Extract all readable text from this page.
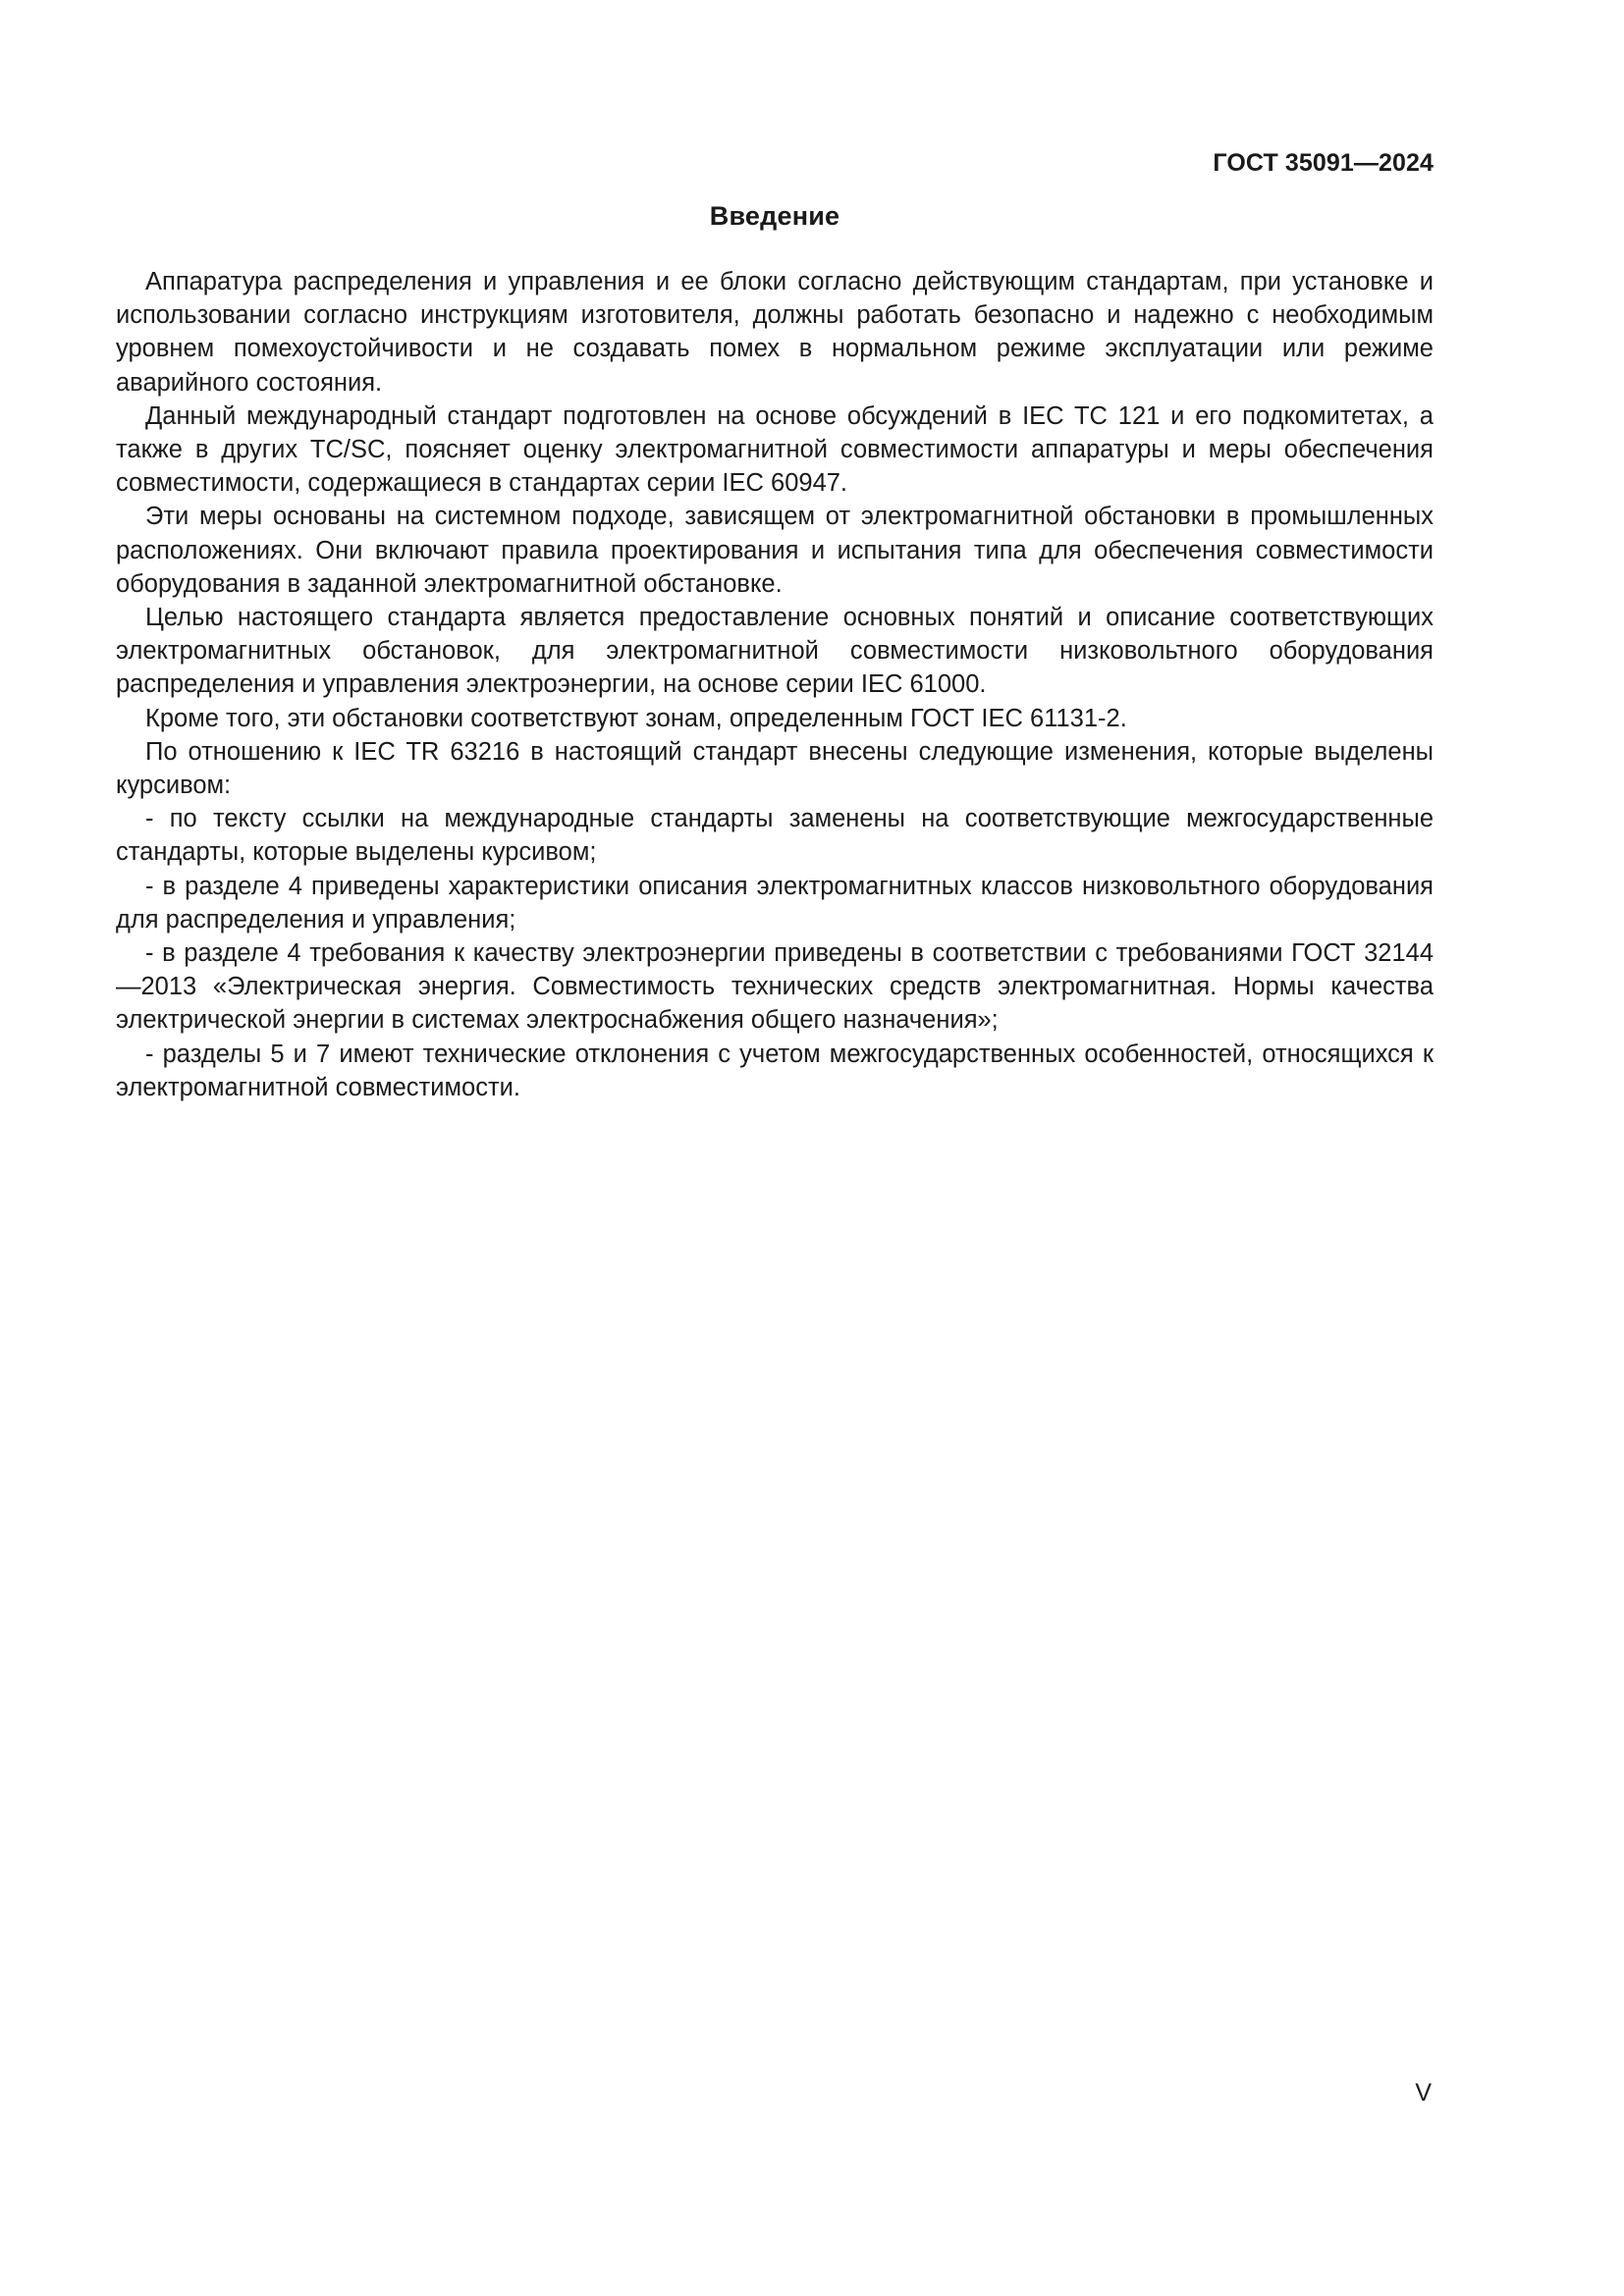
ГОСТ 35091—2024
Введение

Аппаратура распределения и управления и ее блоки согласно действующим стандартам, при установке и использовании согласно инструкциям изготовителя, должны работать безопасно и надежно с необходимым уровнем помехоустойчивости и не создавать помех в нормальном режиме эксплуатации или режиме аварийного состояния.

Данный международный стандарт подготовлен на основе обсуждений в IEC TC 121 и его подкомитетах, а также в других TC/SC, поясняет оценку электромагнитной совместимости аппаратуры и меры обеспечения совместимости, содержащиеся в стандартах серии IEC 60947.

Эти меры основаны на системном подходе, зависящем от электромагнитной обстановки в промышленных расположениях. Они включают правила проектирования и испытания типа для обеспечения совместимости оборудования в заданной электромагнитной обстановке.

Целью настоящего стандарта является предоставление основных понятий и описание соответствующих электромагнитных обстановок, для электромагнитной совместимости низковольтного оборудования распределения и управления электроэнергии, на основе серии IEC 61000.

Кроме того, эти обстановки соответствуют зонам, определенным ГОСТ IEC 61131-2.

По отношению к IEC TR 63216 в настоящий стандарт внесены следующие изменения, которые выделены курсивом:

- по тексту ссылки на международные стандарты заменены на соответствующие межгосударственные стандарты, которые выделены курсивом;

- в разделе 4 приведены характеристики описания электромагнитных классов низковольтного оборудования для распределения и управления;

- в разделе 4 требования к качеству электроэнергии приведены в соответствии с требованиями ГОСТ 32144—2013 «Электрическая энергия. Совместимость технических средств электромагнитная. Нормы качества электрической энергии в системах электроснабжения общего назначения»;

- разделы 5 и 7 имеют технические отклонения с учетом межгосударственных особенностей, относящихся к электромагнитной совместимости.

V
